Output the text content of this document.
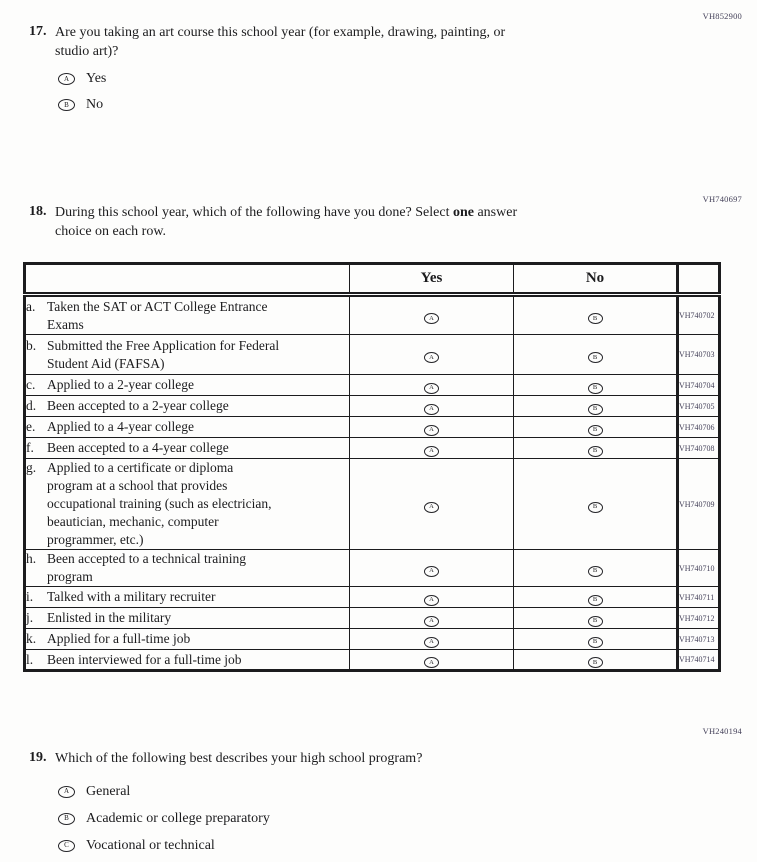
VH852900
VH740697
VH240194
17. Are you taking an art course this school year (for example, drawing, painting, or
studio art)?
A	Yes
B	No
18. During this school year, which of the following have you done? Select one answer
choice on each row.
	Yes	No	

a. Taken the SAT or ACT College Entrance
Exams	A	B	VH740702

b. Submitted the Free Application for Federal
Student Aid (FAFSA)	A	B	VH740703

c. Applied to a 2-year college	A	B	VH740704

d. Been accepted to a 2-year college	A	B	VH740705

e. Applied to a 4-year college	A	B	VH740706

f. Been accepted to a 4-year college	A	B	VH740708

g. Applied to a certificate or diploma
program at a school that provides
occupational training (such as electrician,
beautician, mechanic, computer
programmer, etc.)
	A	B	VH740709

h. Been accepted to a technical training
program	A	B	VH740710

i. Talked with a military recruiter	A	B	VH740711

j. Enlisted in the military	A	B	VH740712

k. Applied for a full-time job	A	B	VH740713

l. Been interviewed for a full-time job	A	B	VH740714
19. Which of the following best describes your high school program?
A	General
B	Academic or college preparatory
C	Vocational or technical
